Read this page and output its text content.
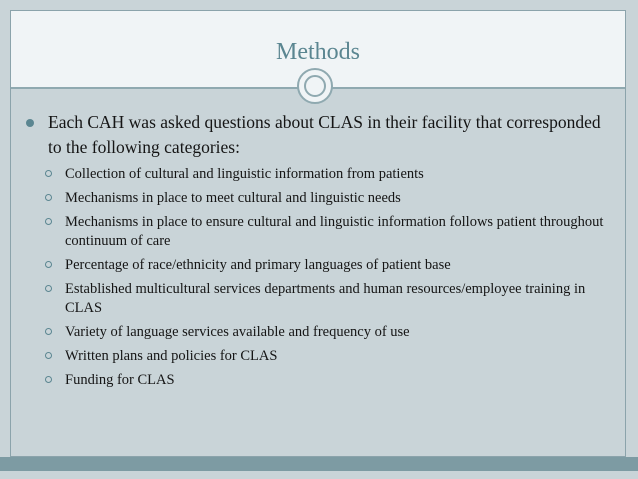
Methods
Each CAH was asked questions about CLAS in their facility that corresponded to the following categories:
Collection of cultural and linguistic information from patients
Mechanisms in place to meet cultural and linguistic needs
Mechanisms in place to ensure cultural and linguistic information follows patient throughout continuum of care
Percentage of race/ethnicity and primary languages of patient base
Established multicultural services departments and human resources/employee training in CLAS
Variety of language services available and frequency of use
Written plans and policies for CLAS
Funding for CLAS
